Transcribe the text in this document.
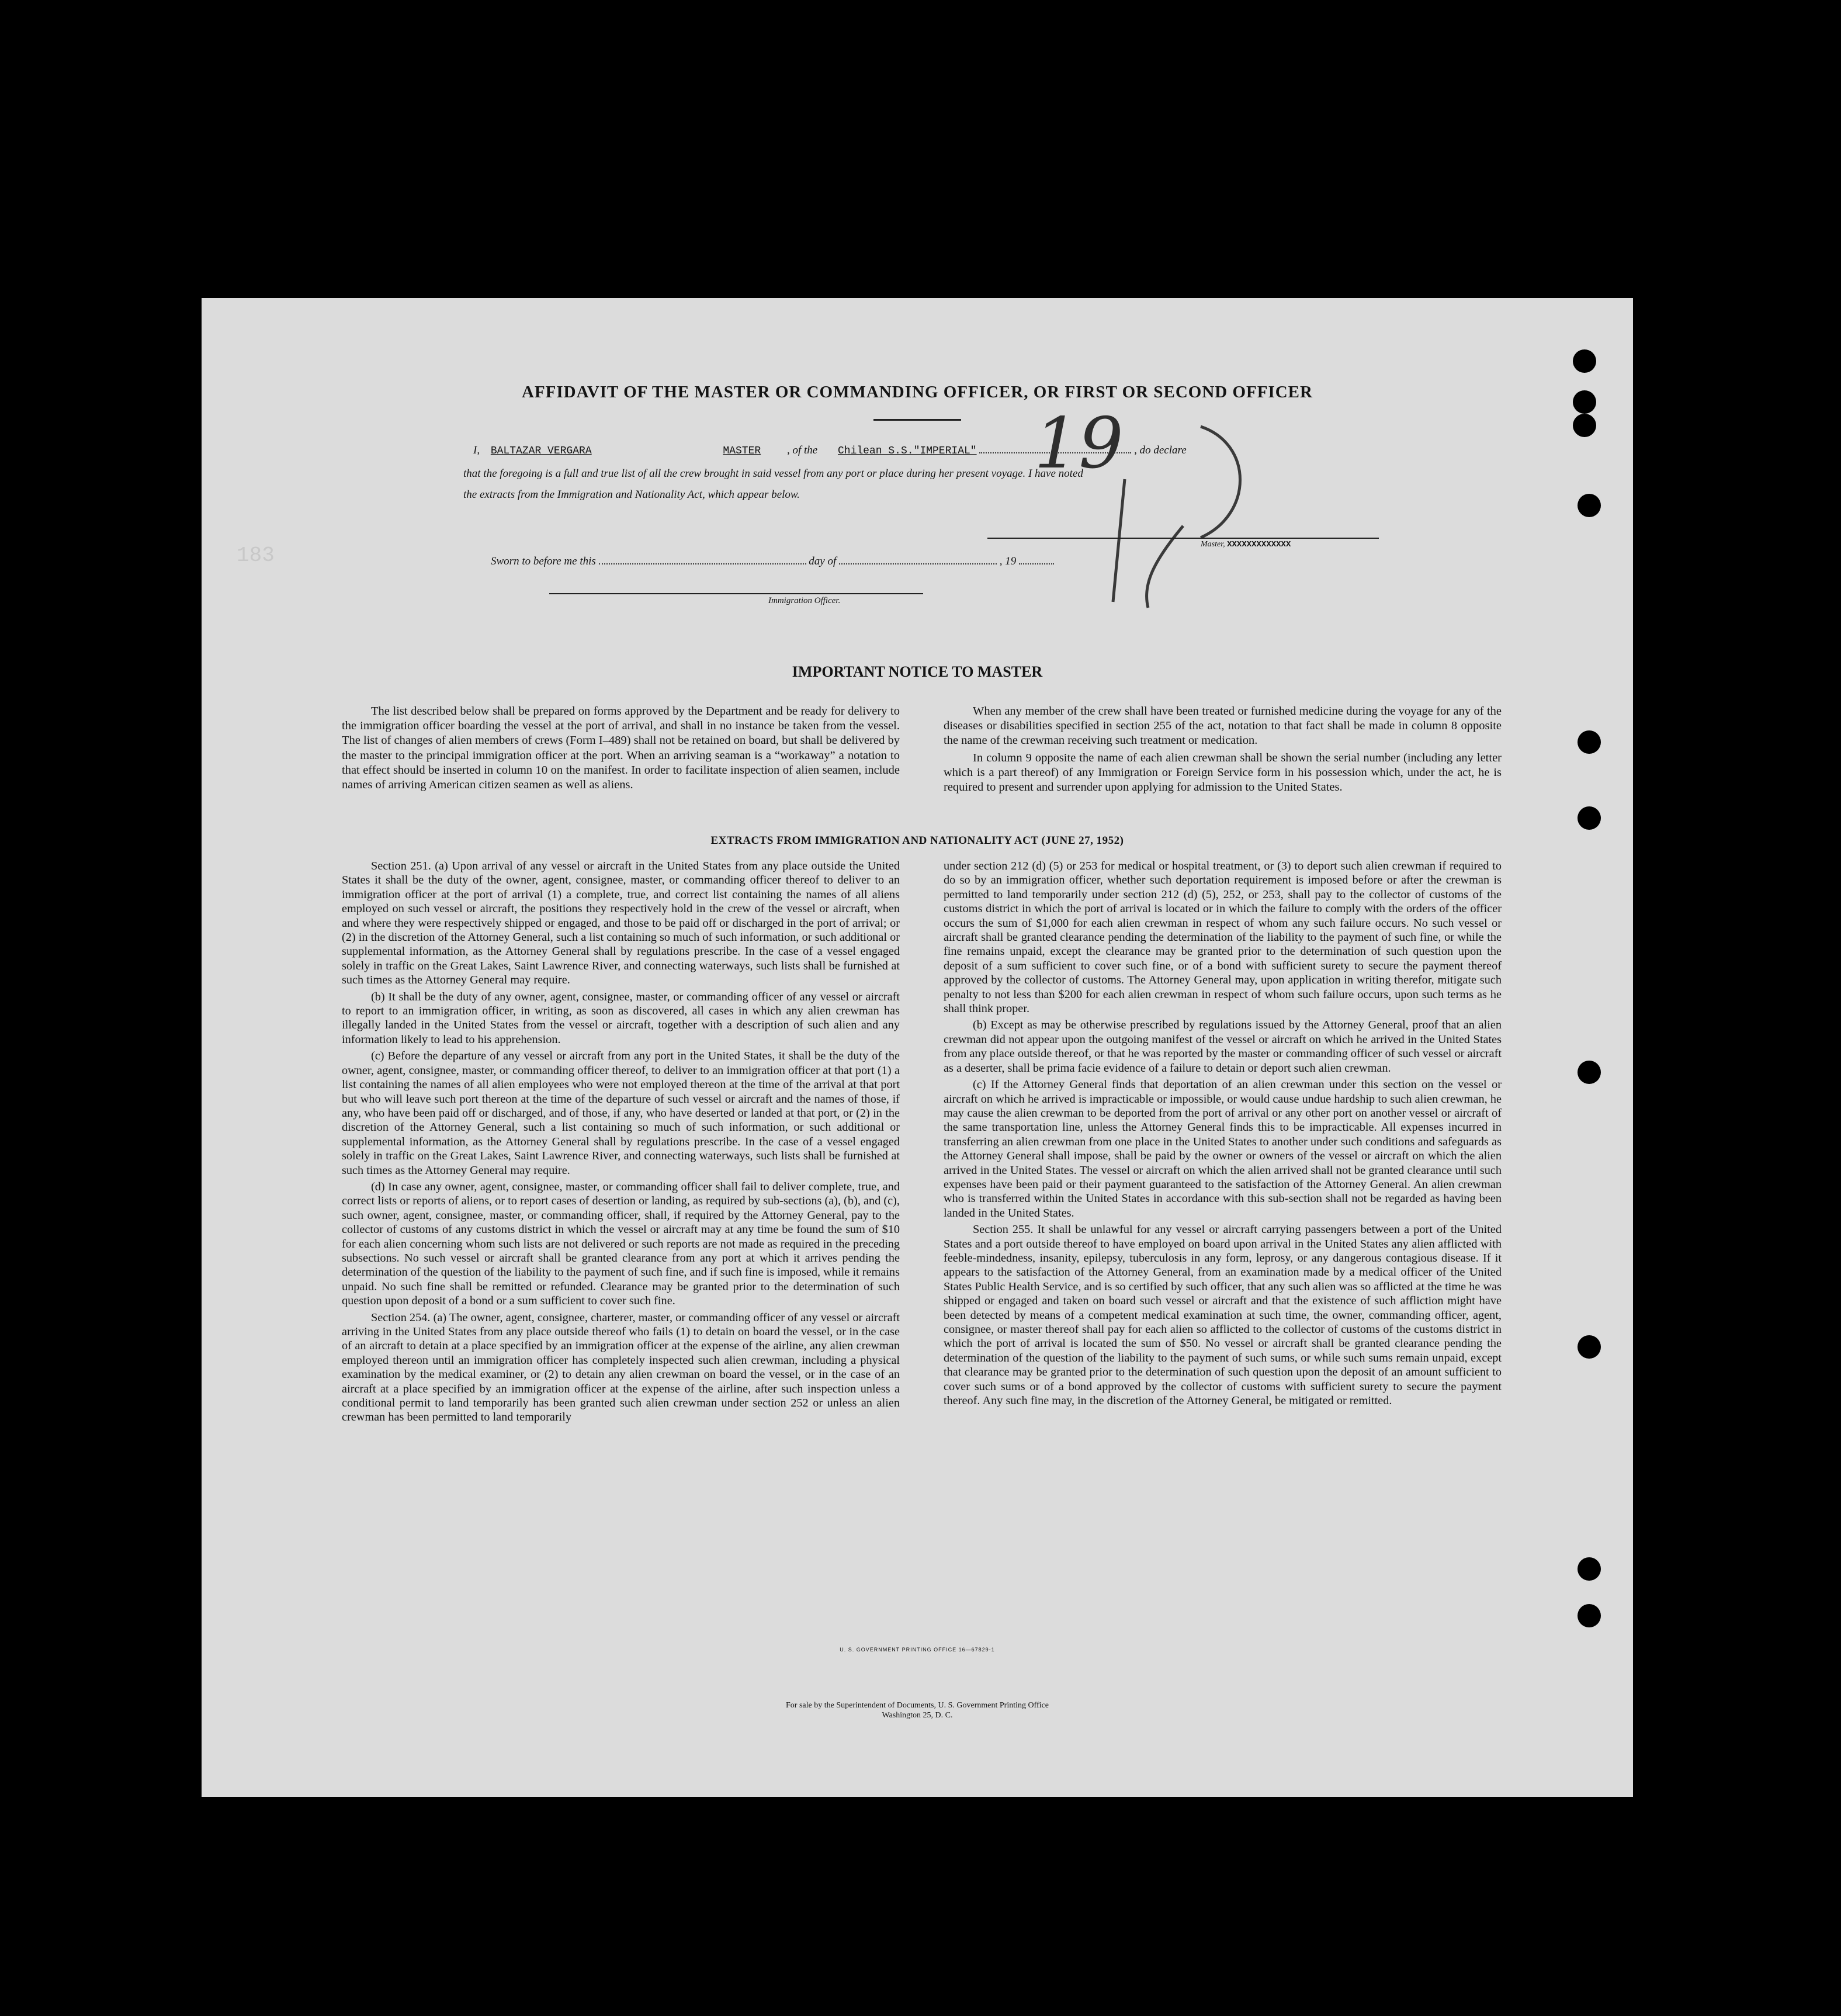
183
AFFIDAVIT OF THE MASTER OR COMMANDING OFFICER, OR FIRST OR SECOND OFFICER
I, BALTAZAR VERGARA	MASTER , of the Chilean S.S."IMPERIAL"	, do declare
that the foregoing is a full and true list of all the crew brought in said vessel from any port or place during her present voyage. I have noted
the extracts from the Immigration and Nationality Act, which appear below.
19
Master, XXXXXXXXXXXXX
Sworn to before me this	day of	, 19
Immigration Officer.
IMPORTANT NOTICE TO MASTER

The list described below shall be prepared on forms approved by the Department and be ready for delivery to the immigration officer boarding the vessel at the port of arrival, and shall in no instance be taken from the vessel. The list of changes of alien members of crews (Form I–489) shall not be retained on board, but shall be delivered by the master to the principal immigration officer at the port. When an arriving seaman is a “workaway” a notation to that effect should be inserted in column 10 on the manifest. In order to facilitate inspection of alien seamen, include names of arriving American citizen seamen as well as aliens.

When any member of the crew shall have been treated or furnished medicine during the voyage for any of the diseases or disabilities specified in section 255 of the act, notation to that fact shall be made in column 8 opposite the name of the crewman receiving such treatment or medication.

In column 9 opposite the name of each alien crewman shall be shown the serial number (including any letter which is a part thereof) of any Immigration or Foreign Service form in his possession which, under the act, he is required to present and surrender upon applying for admission to the United States.

EXTRACTS FROM IMMIGRATION AND NATIONALITY ACT (JUNE 27, 1952)

Section 251. (a) Upon arrival of any vessel or aircraft in the United States from any place outside the United States it shall be the duty of the owner, agent, consignee, master, or commanding officer thereof to deliver to an immigration officer at the port of arrival (1) a complete, true, and correct list containing the names of all aliens employed on such vessel or aircraft, the positions they respectively hold in the crew of the vessel or aircraft, when and where they were respectively shipped or engaged, and those to be paid off or discharged in the port of arrival; or (2) in the discretion of the Attorney General, such a list containing so much of such information, or such additional or supplemental information, as the Attorney General shall by regulations prescribe. In the case of a vessel engaged solely in traffic on the Great Lakes, Saint Lawrence River, and connecting waterways, such lists shall be furnished at such times as the Attorney General may require.

(b) It shall be the duty of any owner, agent, consignee, master, or commanding officer of any vessel or aircraft to report to an immigration officer, in writing, as soon as discovered, all cases in which any alien crewman has illegally landed in the United States from the vessel or aircraft, together with a description of such alien and any information likely to lead to his apprehension.

(c) Before the departure of any vessel or aircraft from any port in the United States, it shall be the duty of the owner, agent, consignee, master, or commanding officer thereof, to deliver to an immigration officer at that port (1) a list containing the names of all alien employees who were not employed thereon at the time of the arrival at that port but who will leave such port thereon at the time of the departure of such vessel or aircraft and the names of those, if any, who have been paid off or discharged, and of those, if any, who have deserted or landed at that port, or (2) in the discretion of the Attorney General, such a list containing so much of such information, or such additional or supplemental information, as the Attorney General shall by regulations prescribe. In the case of a vessel engaged solely in traffic on the Great Lakes, Saint Lawrence River, and connecting waterways, such lists shall be furnished at such times as the Attorney General may require.

(d) In case any owner, agent, consignee, master, or commanding officer shall fail to deliver complete, true, and correct lists or reports of aliens, or to report cases of desertion or landing, as required by sub-sections (a), (b), and (c), such owner, agent, consignee, master, or commanding officer, shall, if required by the Attorney General, pay to the collector of customs of any customs district in which the vessel or aircraft may at any time be found the sum of $10 for each alien concerning whom such lists are not delivered or such reports are not made as required in the preceding subsections. No such vessel or aircraft shall be granted clearance from any port at which it arrives pending the determination of the question of the liability to the payment of such fine, and if such fine is imposed, while it remains unpaid. No such fine shall be remitted or refunded. Clearance may be granted prior to the determination of such question upon deposit of a bond or a sum sufficient to cover such fine.

Section 254. (a) The owner, agent, consignee, charterer, master, or commanding officer of any vessel or aircraft arriving in the United States from any place outside thereof who fails (1) to detain on board the vessel, or in the case of an aircraft to detain at a place specified by an immigration officer at the expense of the airline, any alien crewman employed thereon until an immigration officer has completely inspected such alien crewman, including a physical examination by the medical examiner, or (2) to detain any alien crewman on board the vessel, or in the case of an aircraft at a place specified by an immigration officer at the expense of the airline, after such inspection unless a conditional permit to land temporarily has been granted such alien crewman under section 252 or unless an alien crewman has been permitted to land temporarily

under section 212 (d) (5) or 253 for medical or hospital treatment, or (3) to deport such alien crewman if required to do so by an immigration officer, whether such deportation requirement is imposed before or after the crewman is permitted to land temporarily under section 212 (d) (5), 252, or 253, shall pay to the collector of customs of the customs district in which the port of arrival is located or in which the failure to comply with the orders of the officer occurs the sum of $1,000 for each alien crewman in respect of whom any such failure occurs. No such vessel or aircraft shall be granted clearance pending the determination of the liability to the payment of such fine, or while the fine remains unpaid, except the clearance may be granted prior to the determination of such question upon the deposit of a sum sufficient to cover such fine, or of a bond with sufficient surety to secure the payment thereof approved by the collector of customs. The Attorney General may, upon application in writing therefor, mitigate such penalty to not less than $200 for each alien crewman in respect of whom such failure occurs, upon such terms as he shall think proper.

(b) Except as may be otherwise prescribed by regulations issued by the Attorney General, proof that an alien crewman did not appear upon the outgoing manifest of the vessel or aircraft on which he arrived in the United States from any place outside thereof, or that he was reported by the master or commanding officer of such vessel or aircraft as a deserter, shall be prima facie evidence of a failure to detain or deport such alien crewman.

(c) If the Attorney General finds that deportation of an alien crewman under this section on the vessel or aircraft on which he arrived is impracticable or impossible, or would cause undue hardship to such alien crewman, he may cause the alien crewman to be deported from the port of arrival or any other port on another vessel or aircraft of the same transportation line, unless the Attorney General finds this to be impracticable. All expenses incurred in transferring an alien crewman from one place in the United States to another under such conditions and safeguards as the Attorney General shall impose, shall be paid by the owner or owners of the vessel or aircraft on which the alien arrived in the United States. The vessel or aircraft on which the alien arrived shall not be granted clearance until such expenses have been paid or their payment guaranteed to the satisfaction of the Attorney General. An alien crewman who is transferred within the United States in accordance with this sub-section shall not be regarded as having been landed in the United States.

Section 255. It shall be unlawful for any vessel or aircraft carrying passengers between a port of the United States and a port outside thereof to have employed on board upon arrival in the United States any alien afflicted with feeble-mindedness, insanity, epilepsy, tuberculosis in any form, leprosy, or any dangerous contagious disease. If it appears to the satisfaction of the Attorney General, from an examination made by a medical officer of the United States Public Health Service, and is so certified by such officer, that any such alien was so afflicted at the time he was shipped or engaged and taken on board such vessel or aircraft and that the existence of such affliction might have been detected by means of a competent medical examination at such time, the owner, commanding officer, agent, consignee, or master thereof shall pay for each alien so afflicted to the collector of customs of the customs district in which the port of arrival is located the sum of $50. No vessel or aircraft shall be granted clearance pending the determination of the question of the liability to the payment of such sums, or while such sums remain unpaid, except that clearance may be granted prior to the determination of such question upon the deposit of an amount sufficient to cover such sums or of a bond approved by the collector of customs with sufficient surety to secure the payment thereof. Any such fine may, in the discretion of the Attorney General, be mitigated or remitted.

U. S. GOVERNMENT PRINTING OFFICE 16—67829-1
For sale by the Superintendent of Documents, U. S. Government Printing Office
Washington 25, D. C.
